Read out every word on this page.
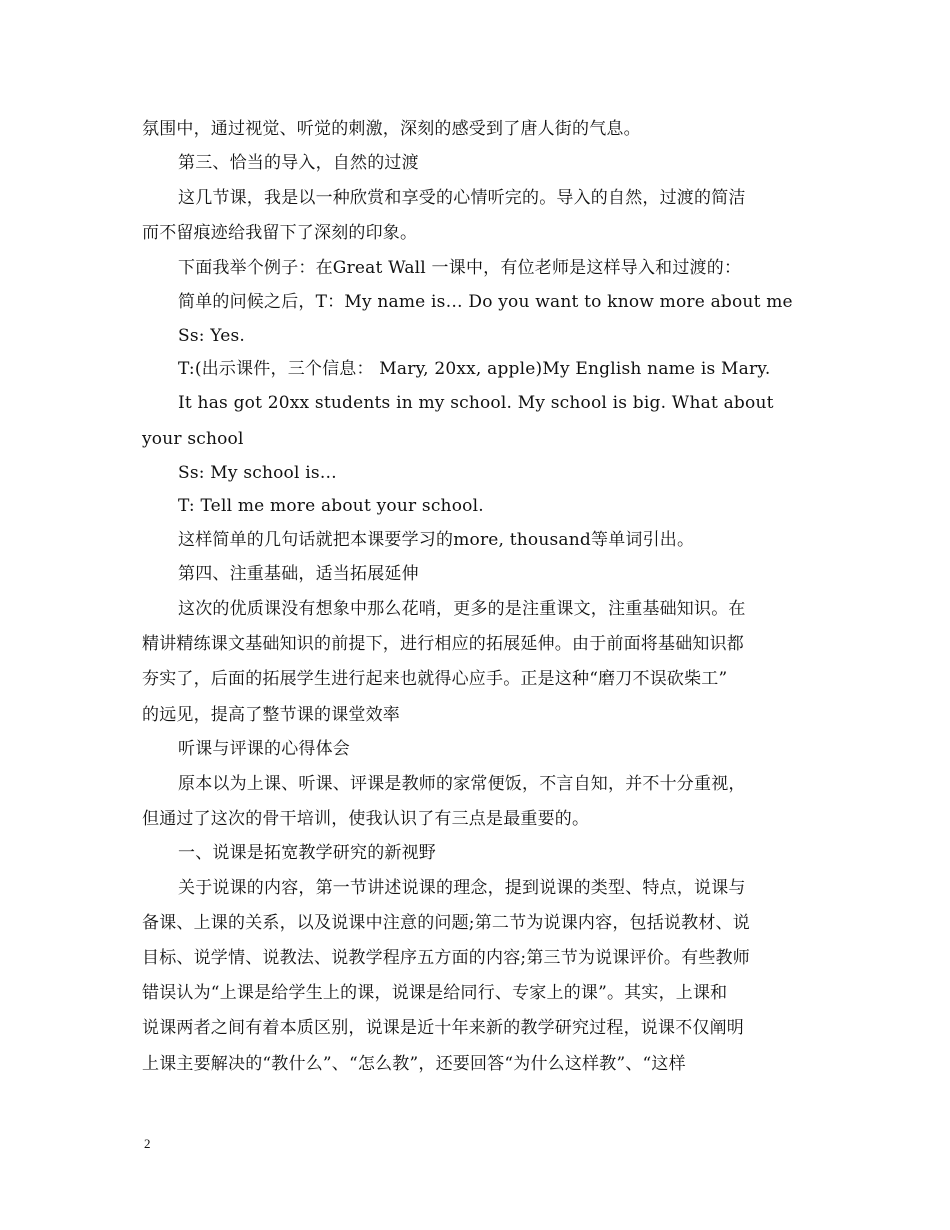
氛围中，通过视觉、听觉的刺激，深刻的感受到了唐人街的气息。
第三、恰当的导入，自然的过渡
这几节课，我是以一种欣赏和享受的心情听完的。导入的自然，过渡的简洁
而不留痕迹给我留下了深刻的印象。
下面我举个例子：在Great Wall 一课中，有位老师是这样导入和过渡的：
简单的问候之后，T：My name is… Do you want to know more about me
Ss: Yes.
T:(出示课件，三个信息： Mary, 20xx, apple)My English name is Mary.
It has got 20xx students in my school. My school is big. What about
your school
Ss: My school is…
T: Tell me more about your school.
这样简单的几句话就把本课要学习的more, thousand等单词引出。
第四、注重基础，适当拓展延伸
这次的优质课没有想象中那么花哨，更多的是注重课文，注重基础知识。在
精讲精练课文基础知识的前提下，进行相应的拓展延伸。由于前面将基础知识都
夯实了，后面的拓展学生进行起来也就得心应手。正是这种“磨刀不误砍柴工”
的远见，提高了整节课的课堂效率
听课与评课的心得体会
原本以为上课、听课、评课是教师的家常便饭，不言自知，并不十分重视，
但通过了这次的骨干培训，使我认识了有三点是最重要的。
一、说课是拓宽教学研究的新视野
关于说课的内容，第一节讲述说课的理念，提到说课的类型、特点，说课与
备课、上课的关系，以及说课中注意的问题;第二节为说课内容，包括说教材、说
目标、说学情、说教法、说教学程序五方面的内容;第三节为说课评价。有些教师
错误认为“上课是给学生上的课，说课是给同行、专家上的课”。其实，上课和
说课两者之间有着本质区别，说课是近十年来新的教学研究过程，说课不仅阐明
上课主要解决的“教什么”、“怎么教”，还要回答“为什么这样教”、“这样
2
